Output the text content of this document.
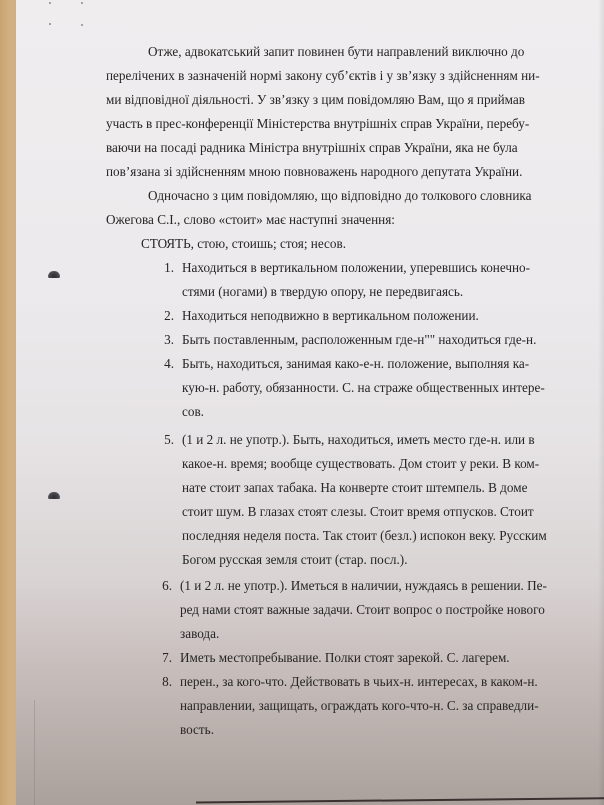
Отже, адвокатський запит повинен бути направлений виключно до
перелічених в зазначеній нормі закону суб’єктів і у зв’язку з здійсненням ни-
ми відповідної діяльності. У зв’язку з цим повідомляю Вам, що я приймав
участь в прес-конференції Міністерства внутрішніх справ України, перебу-
ваючи на посаді радника Міністра внутрішніх справ України, яка не була
пов’язана зі здійсненням мною повноважень народного депутата України.
Одночасно з цим повідомляю, що відповідно до толкового словника
Ожегова С.І., слово «стоит» має наступні значення:
СТОЯТЬ, стою, стоишь; стоя; несов.
1. Находиться в вертикальном положении, уперевшись конечно-
стями (ногами) в твердую опору, не передвигаясь.
2. Находиться неподвижно в вертикальном положении.
3. Быть поставленным, расположенным где-н"" находиться где-н.
4. Быть, находиться, занимая како-е-н. положение, выполняя ка-
кую-н. работу, обязанности. С. на страже общественных интере-
сов.
5. (1 и 2 л. не употр.). Быть, находиться, иметь место где-н. или в
какое-н. время; вообще существовать. Дом стоит у реки. В ком-
нате стоит запах табака. На конверте стоит штемпель. В доме
стоит шум. В глазах стоят слезы. Стоит время отпусков. Стоит
последняя неделя поста. Так стоит (безл.) испокон веку. Русским
Богом русская земля стоит (стар. посл.).
6. (1 и 2 л. не употр.). Иметься в наличии, нуждаясь в решении. Пе-
ред нами стоят важные задачи. Стоит вопрос о постройке нового
завода.
7. Иметь местопребывание. Полки стоят зарекой. С. лагерем.
8. перен., за кого-что. Действовать в чьих-н. интересах, в каком-н.
направлении, защищать, ограждать кого-что-н. С. за справедли-
вость.
